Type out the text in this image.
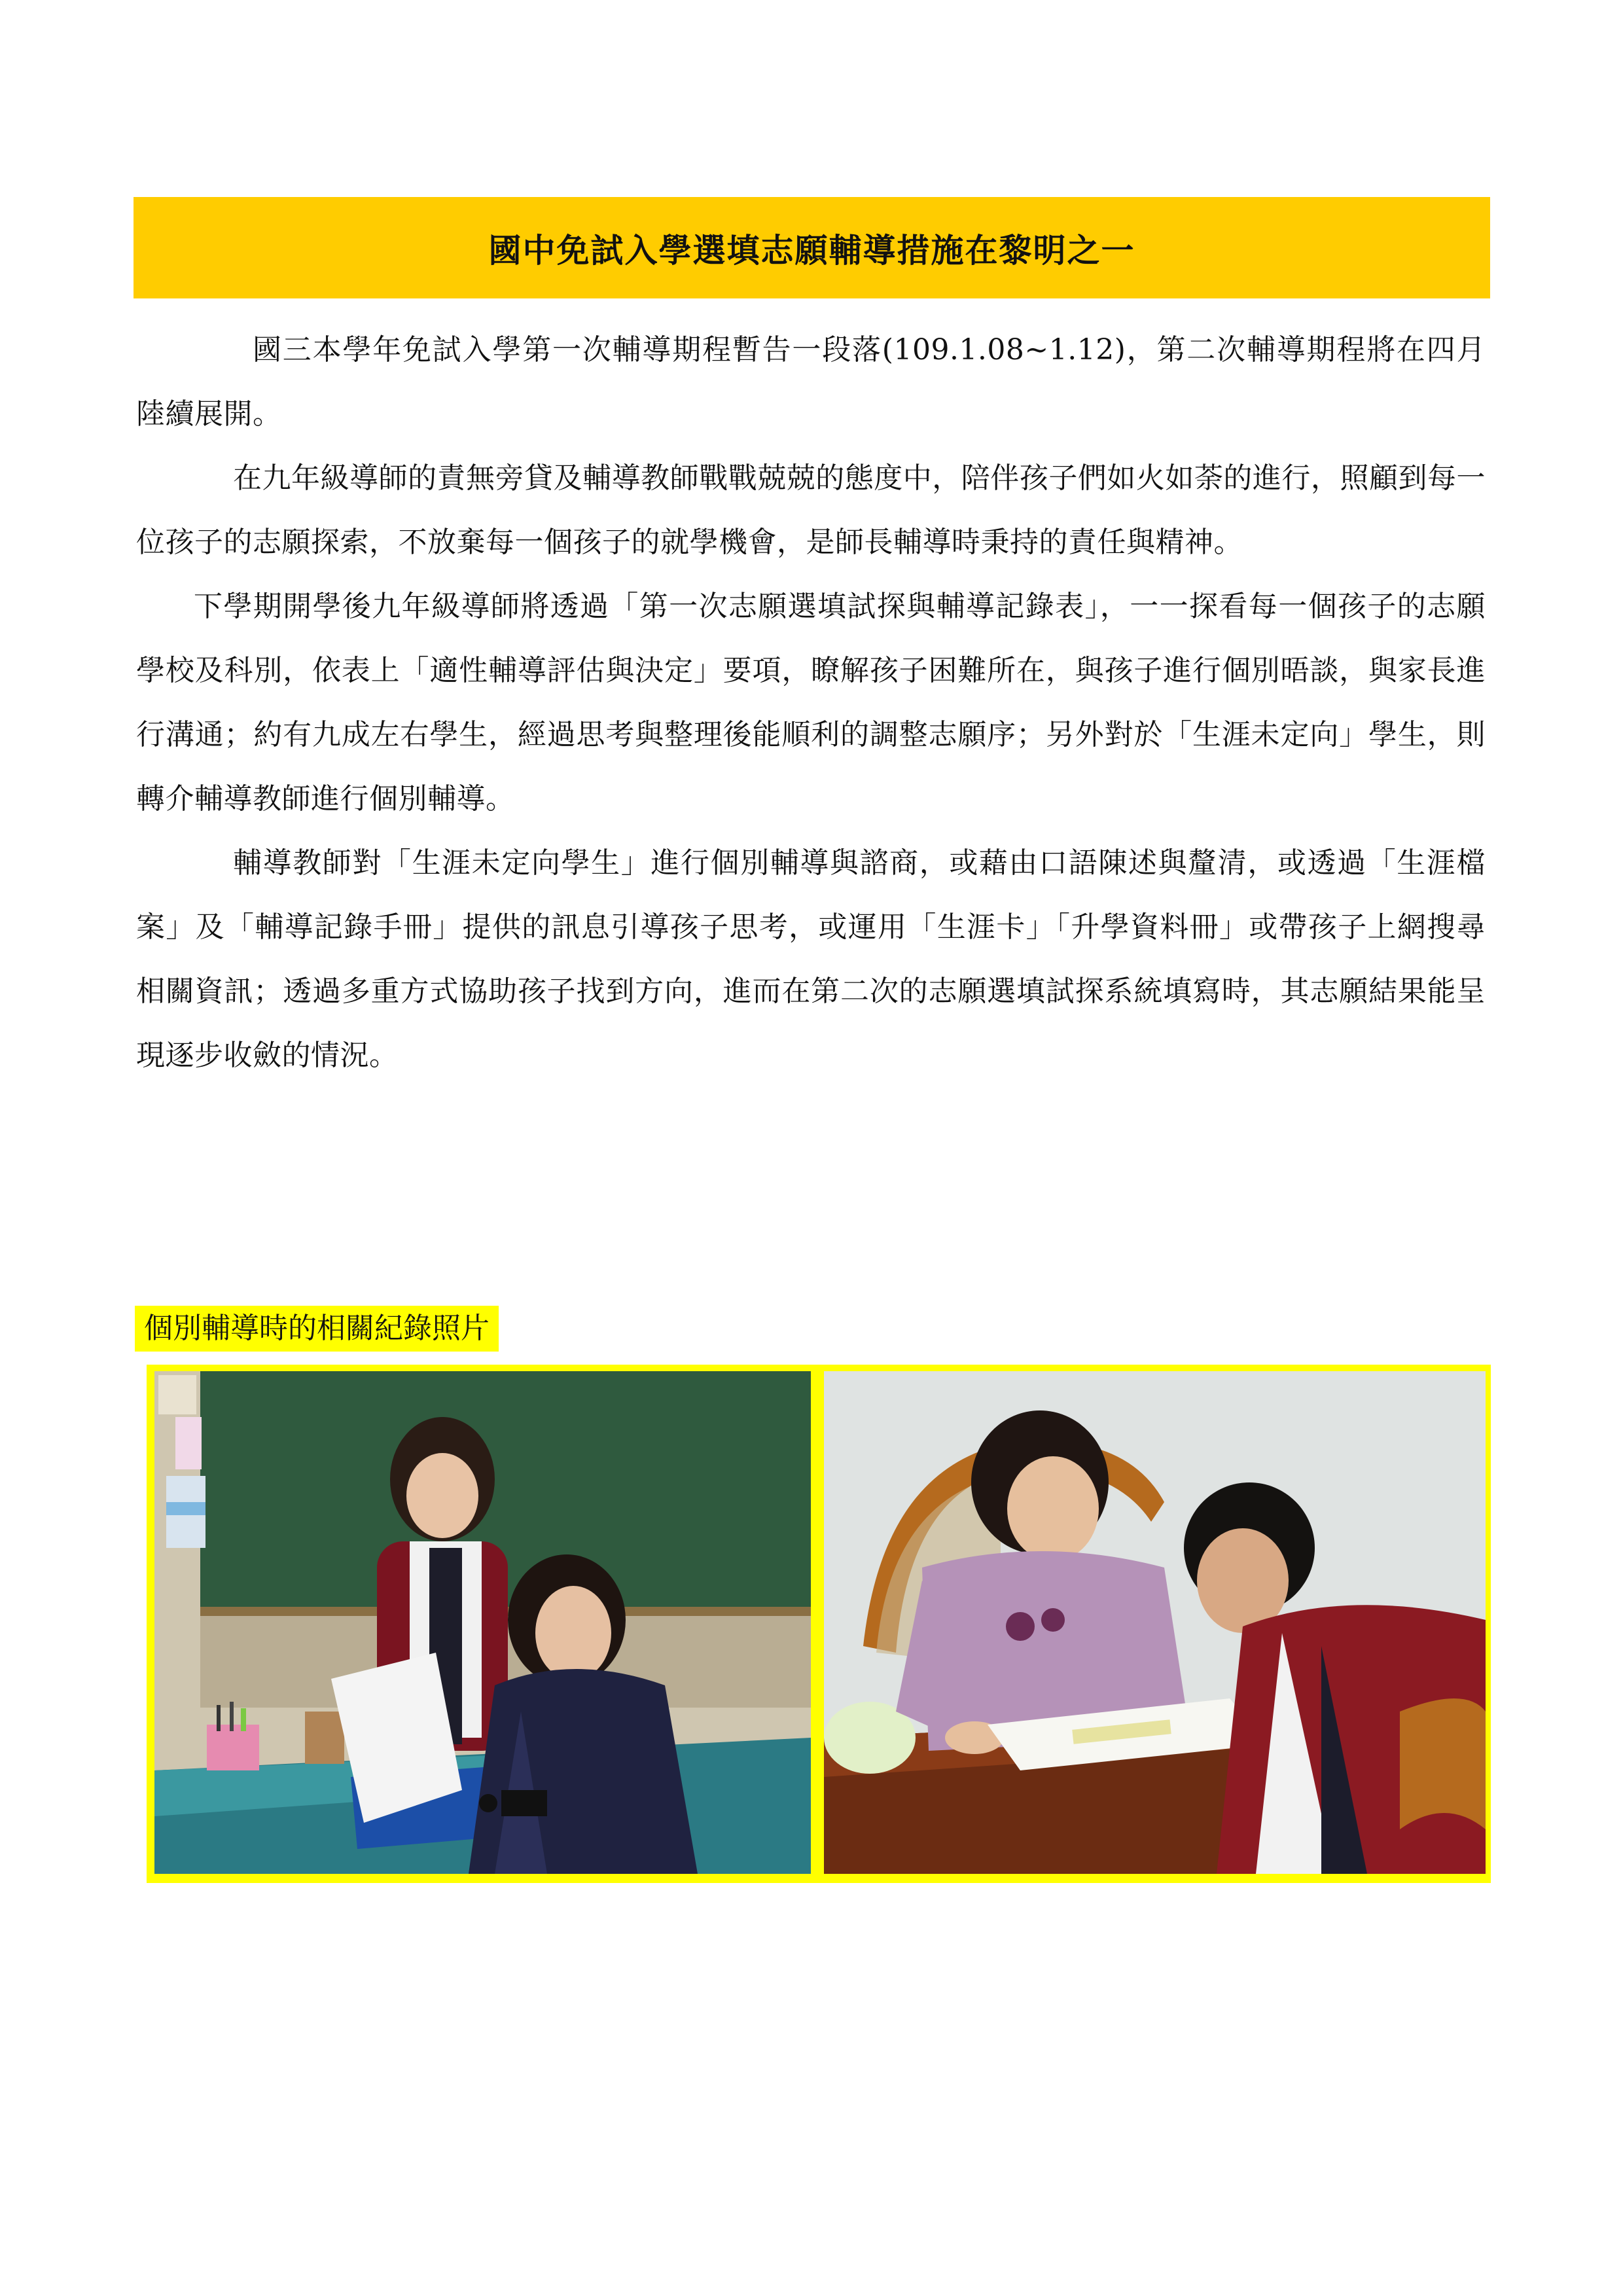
國中免試入學選填志願輔導措施在黎明之一

國三本學年免試入學第一次輔導期程暫告一段落(109.1.08~1.12)，第二次輔導期程將在四月陸續展開。

在九年級導師的責無旁貸及輔導教師戰戰兢兢的態度中，陪伴孩子們如火如荼的進行，照顧到每一位孩子的志願探索，不放棄每一個孩子的就學機會，是師長輔導時秉持的責任與精神。

下學期開學後九年級導師將透過「第一次志願選填試探與輔導記錄表」，一一探看每一個孩子的志願學校及科別，依表上「適性輔導評估與決定」要項，瞭解孩子困難所在，與孩子進行個別晤談，與家長進行溝通；約有九成左右學生，經過思考與整理後能順利的調整志願序；另外對於「生涯未定向」學生，則轉介輔導教師進行個別輔導。

輔導教師對「生涯未定向學生」進行個別輔導與諮商，或藉由口語陳述與釐清，或透過「生涯檔案」及「輔導記錄手冊」提供的訊息引導孩子思考，或運用「生涯卡」「升學資料冊」或帶孩子上網搜尋相關資訊；透過多重方式協助孩子找到方向，進而在第二次的志願選填試探系統填寫時，其志願結果能呈現逐步收斂的情況。

個別輔導時的相關紀錄照片
